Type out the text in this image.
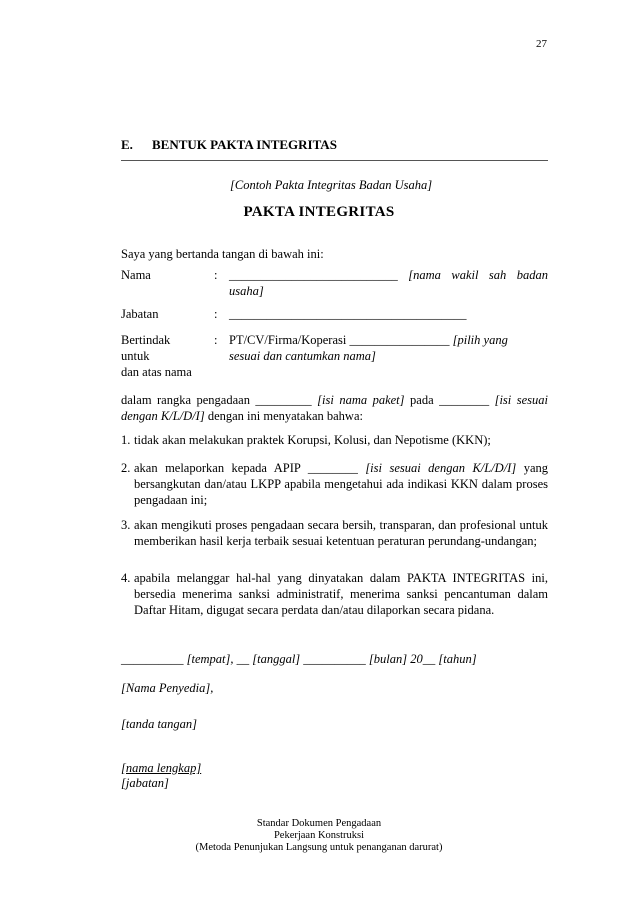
27
E. BENTUK PAKTA INTEGRITAS
[Contoh Pakta Integritas Badan Usaha]
PAKTA INTEGRITAS
Saya yang bertanda tangan di bawah ini:
Nama	: ___________________________ [nama wakil sah badan usaha]
Jabatan	: ______________________________________
Bertindak
untuk
dan atas nama
: PT/CV/Firma/Koperasi ________________ [pilih yang sesuai dan cantumkan nama]
dalam rangka pengadaan _________ [isi nama paket] pada ________ [isi sesuai dengan K/L/D/I] dengan ini menyatakan bahwa:
1. tidak akan melakukan praktek Korupsi, Kolusi, dan Nepotisme (KKN);
2. akan melaporkan kepada APIP ________ [isi sesuai dengan K/L/D/I] yang bersangkutan dan/atau LKPP apabila mengetahui ada indikasi KKN dalam proses pengadaan ini;
3. akan mengikuti proses pengadaan secara bersih, transparan, dan profesional untuk memberikan hasil kerja terbaik sesuai ketentuan peraturan perundang-undangan;
4. apabila melanggar hal-hal yang dinyatakan dalam PAKTA INTEGRITAS ini, bersedia menerima sanksi administratif, menerima sanksi pencantuman dalam Daftar Hitam, digugat secara perdata dan/atau dilaporkan secara pidana.
__________ [tempat], __ [tanggal] __________ [bulan] 20__ [tahun]
[Nama Penyedia],
[tanda tangan]
[nama lengkap]
[jabatan]
Standar Dokumen Pengadaan
Pekerjaan Konstruksi
(Metoda Penunjukan Langsung untuk penanganan darurat)
